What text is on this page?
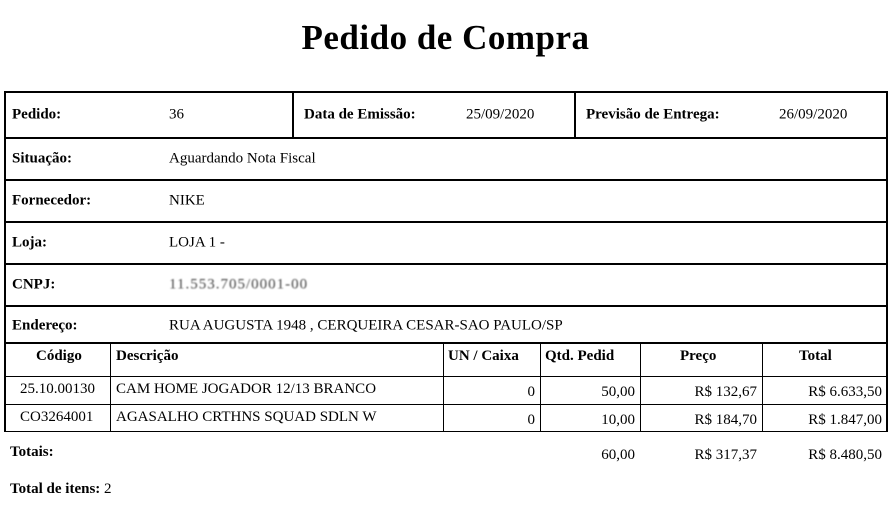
Pedido de Compra
Pedido:	36	Data de Emissão:	25/09/2020	Previsão de Entrega:	26/09/2020
Situação:	Aguardando Nota Fiscal
Fornecedor:	NIKE
Loja:	LOJA 1 -
CNPJ:	11.553.705/0001-00
Endereço:	RUA AUGUSTA 1948 , CERQUEIRA CESAR-SAO PAULO/SP
Código Descrição	UN / Caixa Qtd. Pedid	Preço	Total
25.10.00130 CAM HOME JOGADOR 12/13 BRANCO	0	50,00	R$ 132,67	R$ 6.633,50
CO3264001 AGASALHO CRTHNS SQUAD SDLN W	0	10,00	R$ 184,70	R$ 1.847,00
Totais:	60,00	R$ 317,37	R$ 8.480,50
Total de itens: 2
